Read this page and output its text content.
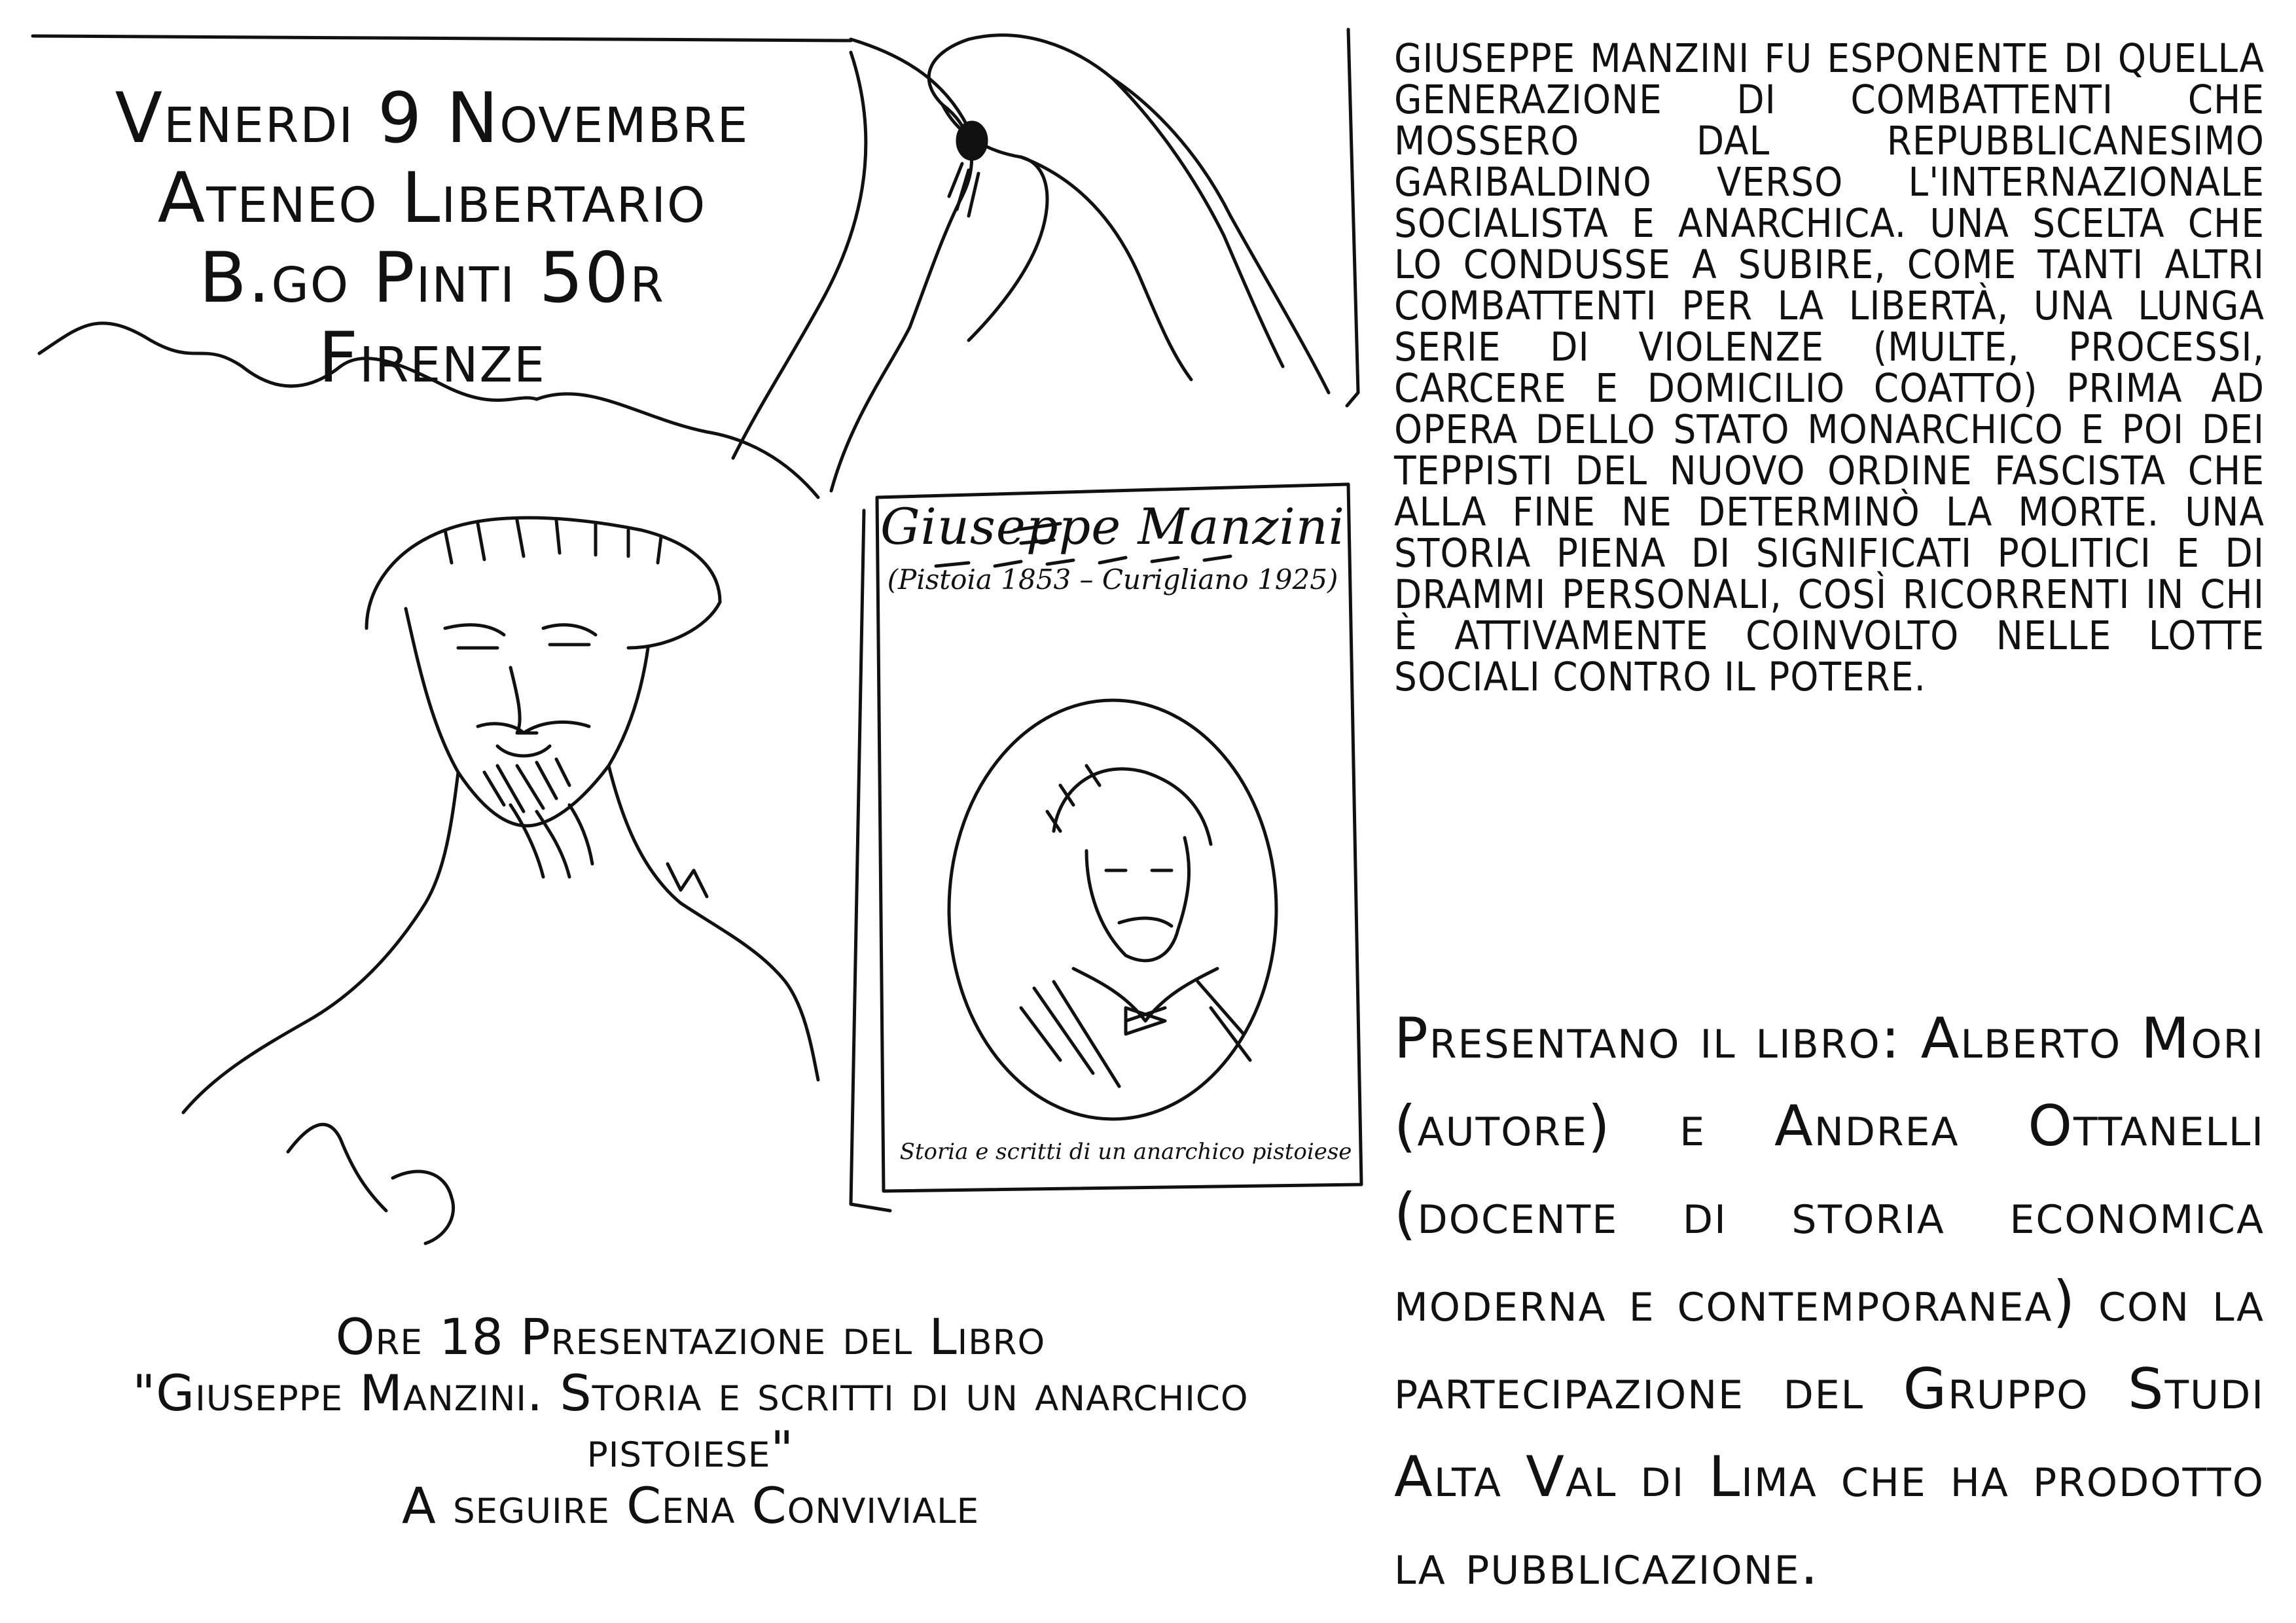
Venerdi 9 Novembre
Ateneo Libertario
B.go Pinti 50r
Firenze
Giuseppe Manzini
(Pistoia 1853 – Curigliano 1925)
Storia e scritti di un anarchico pistoiese
Ore 18 Presentazione del Libro
"Giuseppe Manzini. Storia e scritti di un anarchico
pistoiese"
A seguire Cena Conviviale
GIUSEPPE MANZINI FU ESPONENTE DI QUELLA GENERAZIONE DI COMBATTENTI CHE MOSSERO DAL REPUBBLICANESIMO GARIBALDINO VERSO L'INTERNAZIONALE SOCIALISTA E ANARCHICA. UNA SCELTA CHE LO CONDUSSE A SUBIRE, COME TANTI ALTRI COMBATTENTI PER LA LIBERTÀ, UNA LUNGA SERIE DI VIOLENZE (MULTE, PROCESSI, CARCERE E DOMICILIO COATTO) PRIMA AD OPERA DELLO STATO MONARCHICO E POI DEI TEPPISTI DEL NUOVO ORDINE FASCISTA CHE ALLA FINE NE DETERMINÒ LA MORTE. UNA STORIA PIENA DI SIGNIFICATI POLITICI E DI DRAMMI PERSONALI, COSÌ RICORRENTI IN CHI È ATTIVAMENTE COINVOLTO NELLE LOTTE SOCIALI CONTRO IL POTERE.
Presentano il libro: Alberto Mori (autore) e Andrea Ottanelli (docente di storia economica moderna e contemporanea) con la partecipazione del Gruppo Studi Alta Val di Lima che ha prodotto la pubblicazione.
